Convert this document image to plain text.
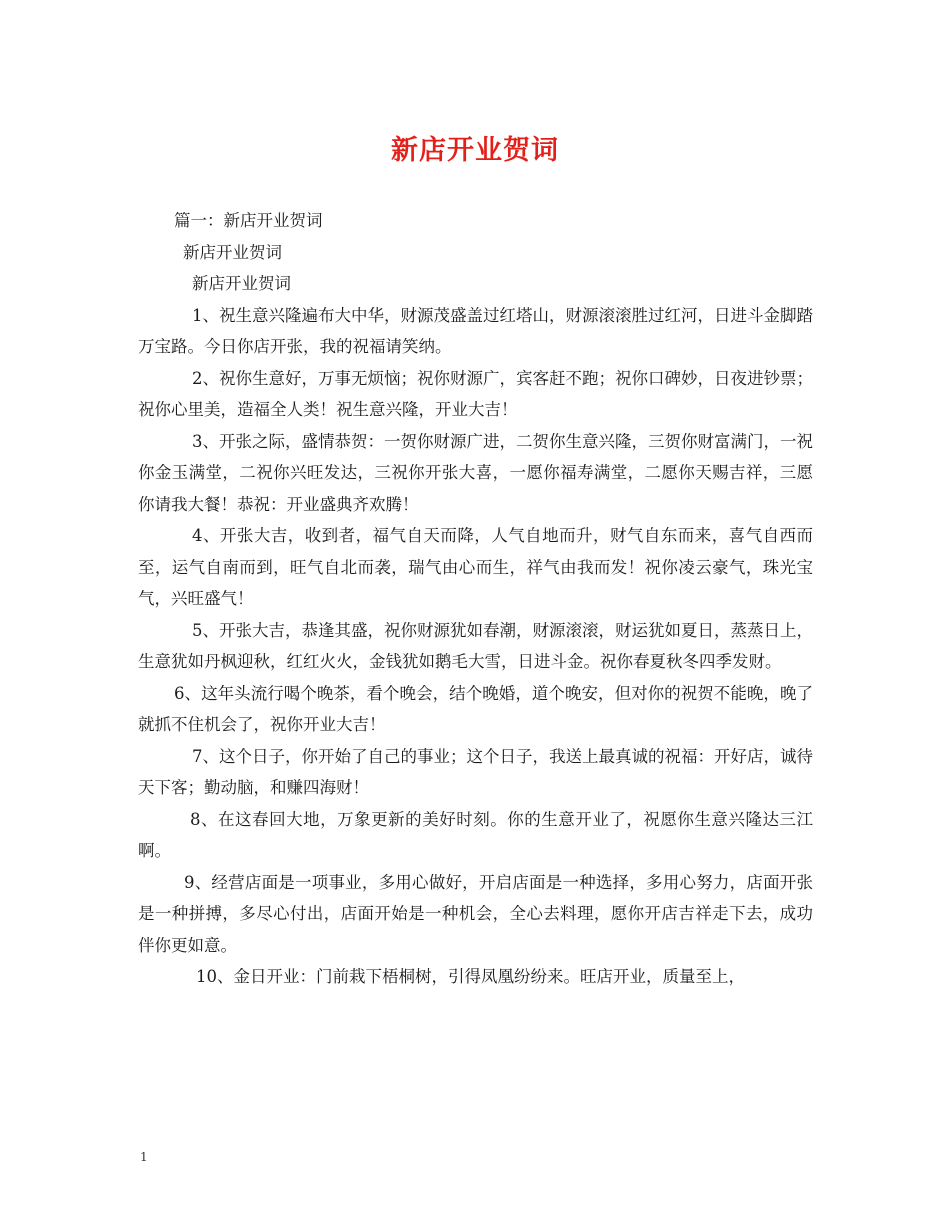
新店开业贺词

篇一：新店开业贺词

新店开业贺词

新店开业贺词

1、祝生意兴隆遍布大中华，财源茂盛盖过红塔山，财源滚滚胜过红河，日进斗金脚踏万宝路。今日你店开张，我的祝福请笑纳。

2、祝你生意好，万事无烦恼；祝你财源广，宾客赶不跑；祝你口碑妙，日夜进钞票；祝你心里美，造福全人类！祝生意兴隆，开业大吉！

3、开张之际，盛情恭贺：一贺你财源广进，二贺你生意兴隆，三贺你财富满门，一祝你金玉满堂，二祝你兴旺发达，三祝你开张大喜，一愿你福寿满堂，二愿你天赐吉祥，三愿你请我大餐！恭祝：开业盛典齐欢腾！

4、开张大吉，收到者，福气自天而降，人气自地而升，财气自东而来，喜气自西而至，运气自南而到，旺气自北而袭，瑞气由心而生，祥气由我而发！祝你凌云豪气，珠光宝气，兴旺盛气！

5、开张大吉，恭逢其盛，祝你财源犹如春潮，财源滚滚，财运犹如夏日，蒸蒸日上，生意犹如丹枫迎秋，红红火火，金钱犹如鹅毛大雪，日进斗金。祝你春夏秋冬四季发财。

6、这年头流行喝个晚茶，看个晚会，结个晚婚，道个晚安，但对你的祝贺不能晚，晚了就抓不住机会了，祝你开业大吉！

7、这个日子，你开始了自己的事业；这个日子，我送上最真诚的祝福：开好店，诚待天下客；勤动脑，和赚四海财！

8、在这春回大地，万象更新的美好时刻。你的生意开业了，祝愿你生意兴隆达三江啊。

9、经营店面是一项事业，多用心做好，开启店面是一种选择，多用心努力，店面开张是一种拼搏，多尽心付出，店面开始是一种机会，全心去料理，愿你开店吉祥走下去，成功伴你更如意。

10、金日开业：门前栽下梧桐树，引得凤凰纷纷来。旺店开业，质量至上，

1
